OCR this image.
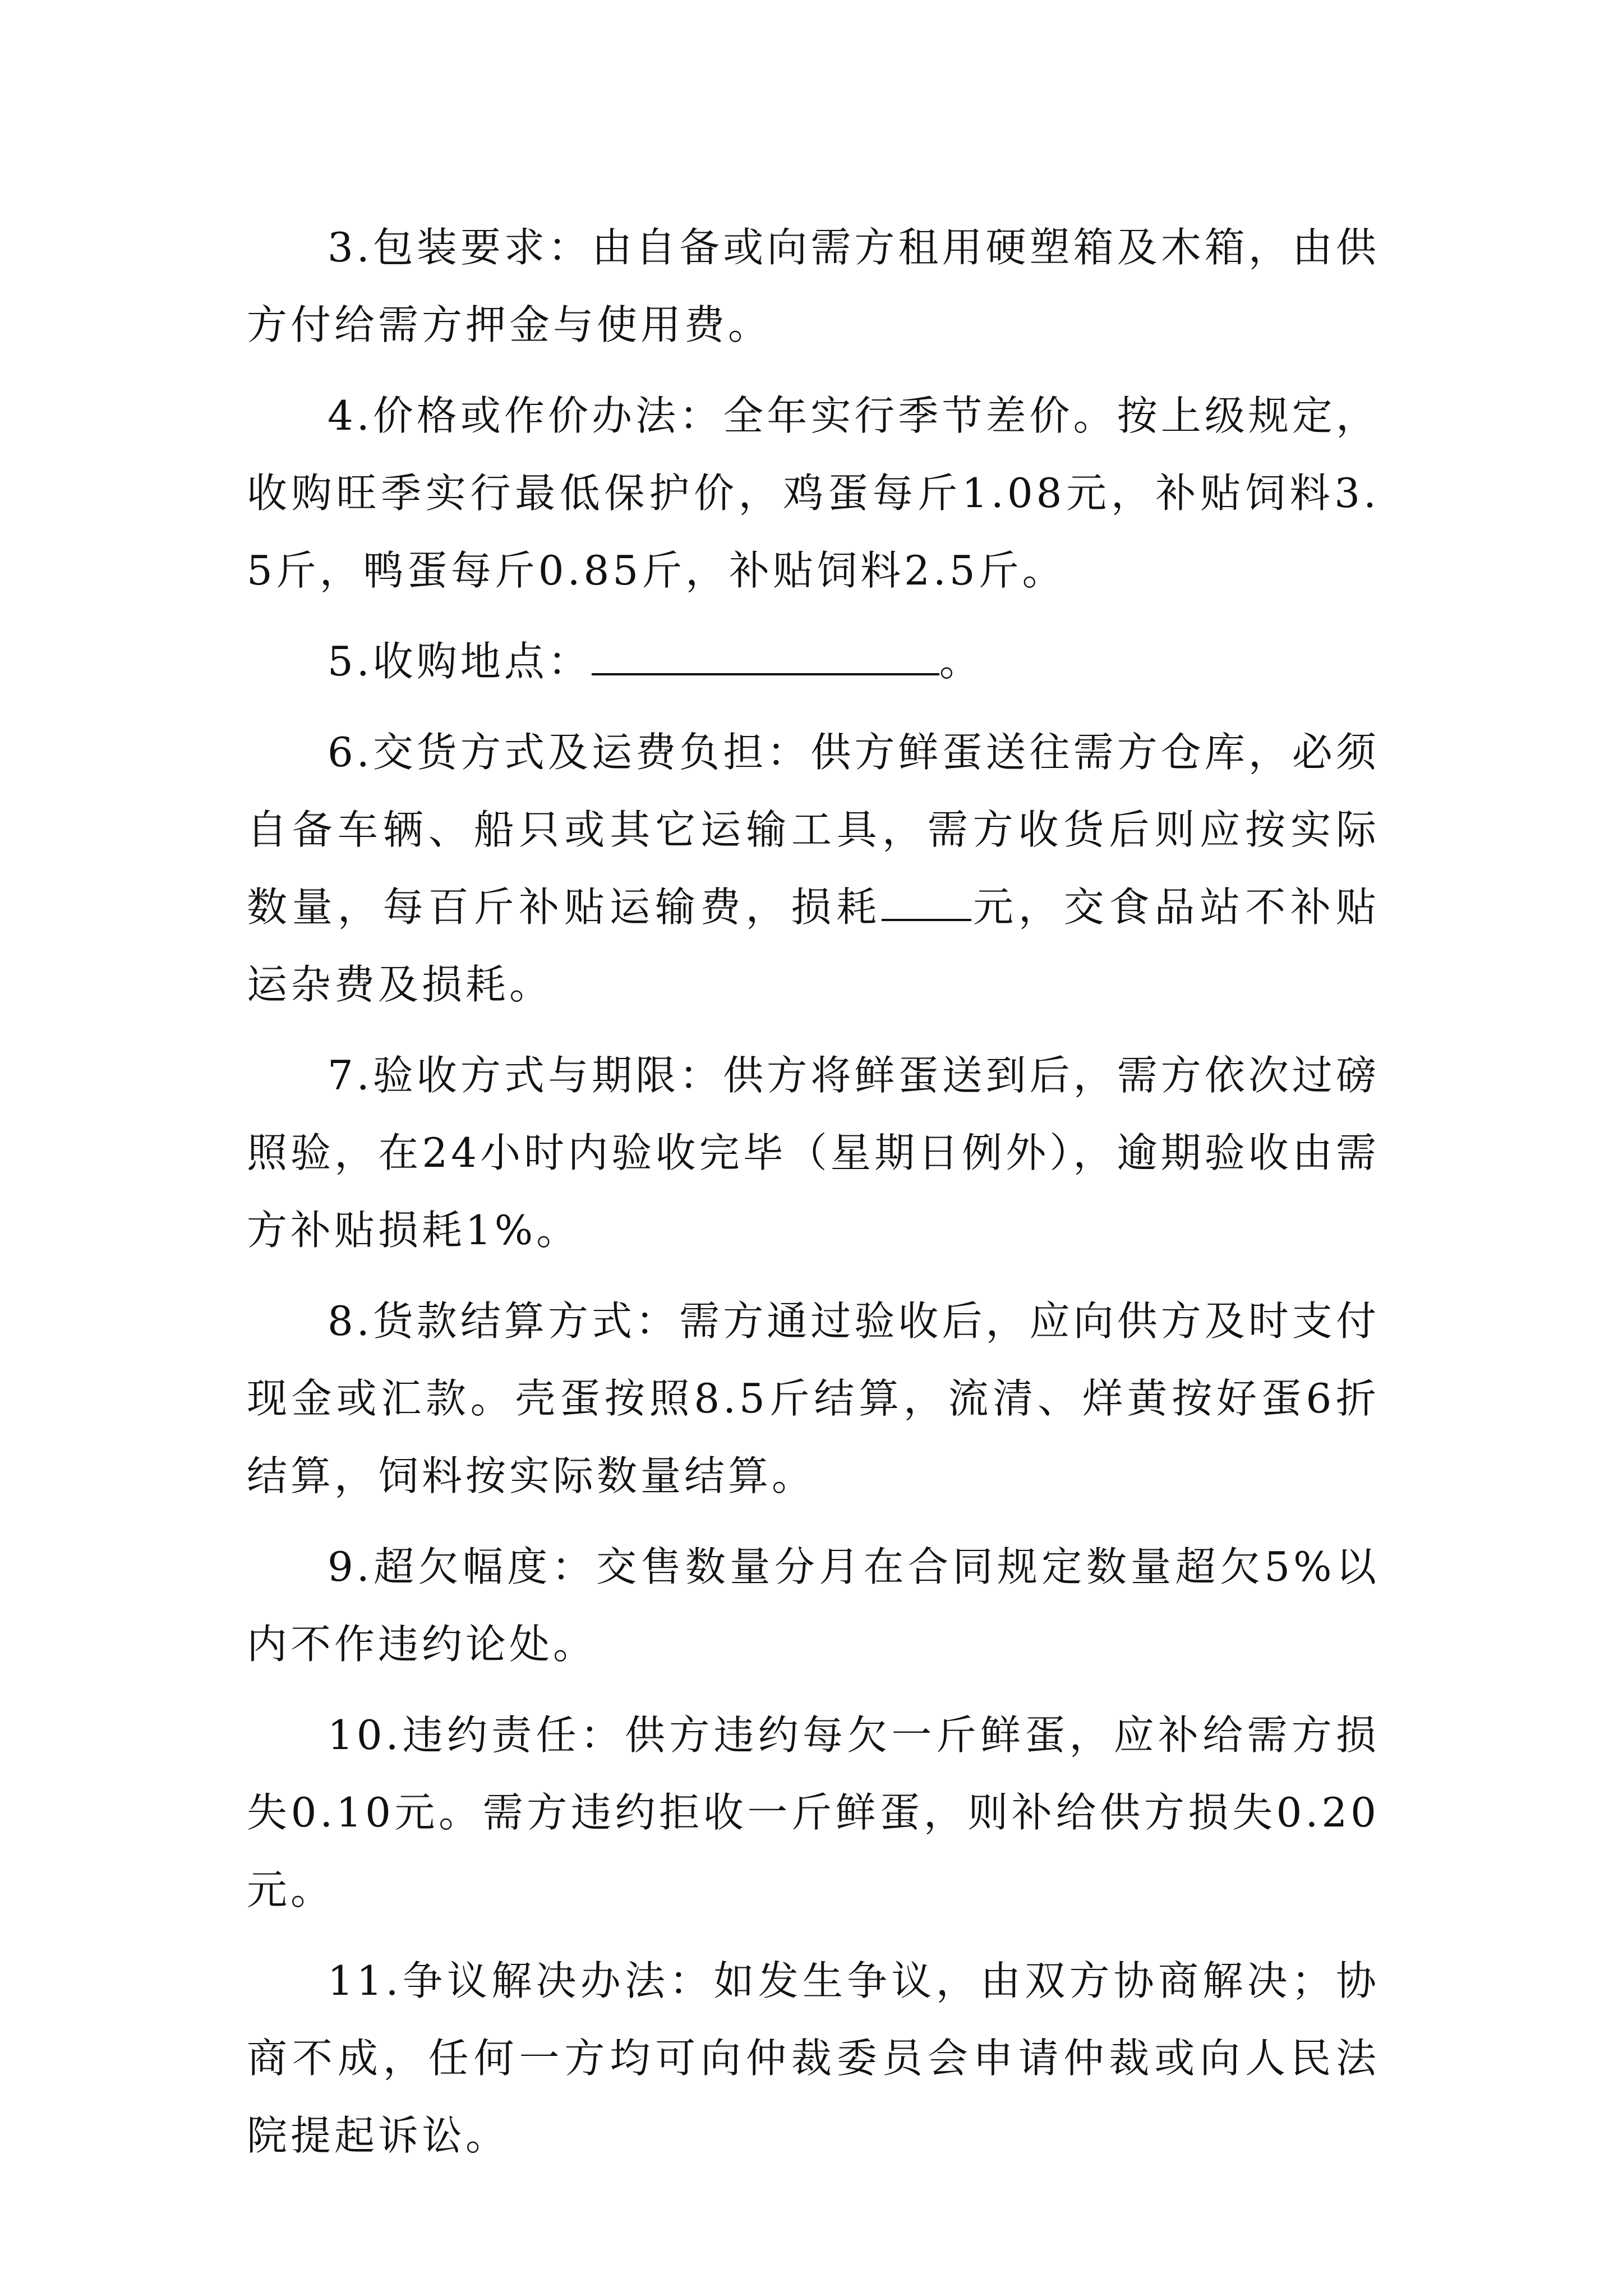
3.包装要求：由自备或向需方租用硬塑箱及木箱，由供方付给需方押金与使用费。

4.价格或作价办法：全年实行季节差价。按上级规定，收购旺季实行最低保护价，鸡蛋每斤1.08元，补贴饲料3.5斤，鸭蛋每斤0.85斤，补贴饲料2.5斤。

5.收购地点：	。

6.交货方式及运费负担：供方鲜蛋送往需方仓库，必须自备车辆、船只或其它运输工具，需方收货后则应按实际数量，每百斤补贴运输费，损耗 元，交食品站不补贴运杂费及损耗。

7.验收方式与期限：供方将鲜蛋送到后，需方依次过磅照验，在24小时内验收完毕（星期日例外），逾期验收由需方补贴损耗1%。

8.货款结算方式：需方通过验收后，应向供方及时支付现金或汇款。壳蛋按照8.5斤结算，流清、烊黄按好蛋6折结算，饲料按实际数量结算。

9.超欠幅度：交售数量分月在合同规定数量超欠5%以内不作违约论处。

10.违约责任：供方违约每欠一斤鲜蛋，应补给需方损失0.10元。需方违约拒收一斤鲜蛋，则补给供方损失0.20元。

11.争议解决办法：如发生争议，由双方协商解决；协商不成，任何一方均可向仲裁委员会申请仲裁或向人民法院提起诉讼。
